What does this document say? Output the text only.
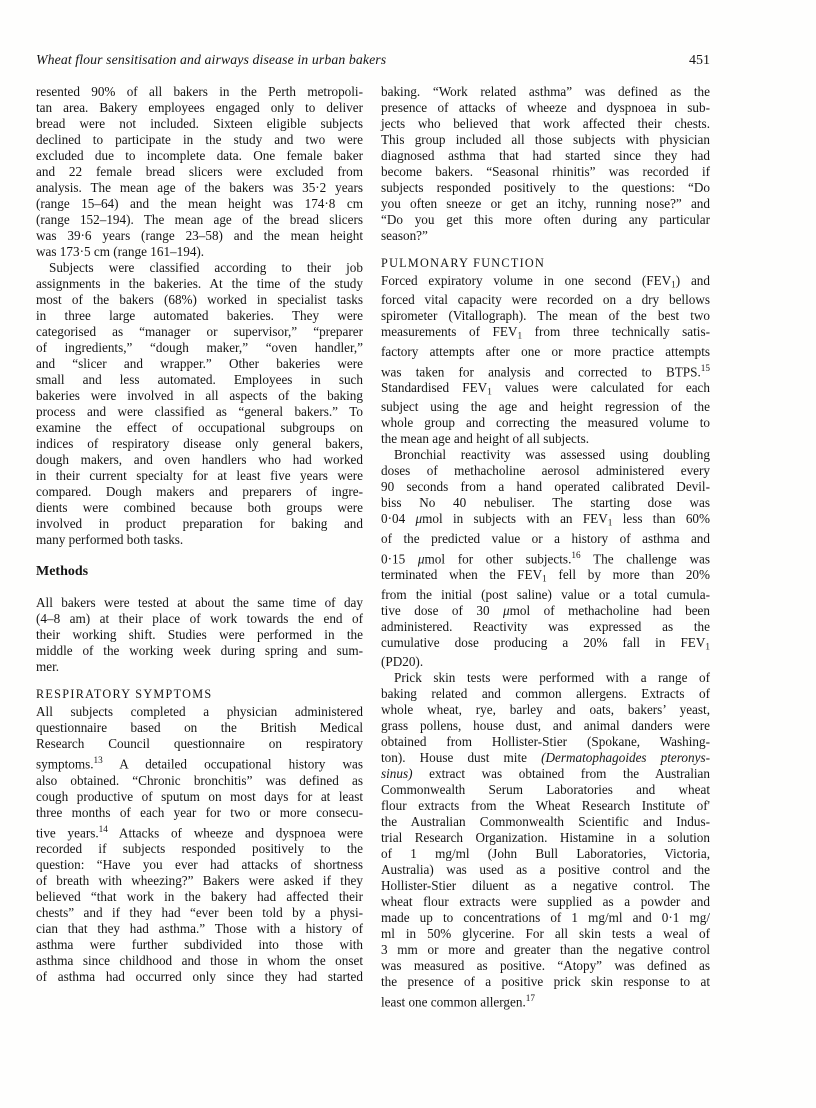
Wheat flour sensitisation and airways disease in urban bakers	451
resented 90% of all bakers in the Perth metropoli-
tan area. Bakery employees engaged only to deliver
bread were not included. Sixteen eligible subjects
declined to participate in the study and two were
excluded due to incomplete data. One female baker
and 22 female bread slicers were excluded from
analysis. The mean age of the bakers was 35·2 years
(range 15–64) and the mean height was 174·8 cm
(range 152–194). The mean age of the bread slicers
was 39·6 years (range 23–58) and the mean height
was 173·5 cm (range 161–194).
Subjects were classified according to their job
assignments in the bakeries. At the time of the study
most of the bakers (68%) worked in specialist tasks
in three large automated bakeries. They were
categorised as “manager or supervisor,” “preparer
of ingredients,” “dough maker,” “oven handler,”
and “slicer and wrapper.” Other bakeries were
small and less automated. Employees in such
bakeries were involved in all aspects of the baking
process and were classified as “general bakers.” To
examine the effect of occupational subgroups on
indices of respiratory disease only general bakers,
dough makers, and oven handlers who had worked
in their current specialty for at least five years were
compared. Dough makers and preparers of ingre-
dients were combined because both groups were
involved in product preparation for baking and
many performed both tasks.
Methods
All bakers were tested at about the same time of day
(4–8 am) at their place of work towards the end of
their working shift. Studies were performed in the
middle of the working week during spring and sum-
mer.
RESPIRATORY SYMPTOMS
All subjects completed a physician administered
questionnaire based on the British Medical
Research Council questionnaire on respiratory
symptoms.$^{13}$ A detailed occupational history was
also obtained. “Chronic bronchitis” was defined as
cough productive of sputum on most days for at least
three months of each year for two or more consecu-
tive years.$^{14}$ Attacks of wheeze and dyspnoea were
recorded if subjects responded positively to the
question: “Have you ever had attacks of shortness
of breath with wheezing?” Bakers were asked if they
believed “that work in the bakery had affected their
chests” and if they had “ever been told by a physi-
cian that they had asthma.” Those with a history of
asthma were further subdivided into those with
asthma since childhood and those in whom the onset
of asthma had occurred only since they had started
baking. “Work related asthma” was defined as the
presence of attacks of wheeze and dyspnoea in sub-
jects who believed that work affected their chests.
This group included all those subjects with physician
diagnosed asthma that had started since they had
become bakers. “Seasonal rhinitis” was recorded if
subjects responded positively to the questions: “Do
you often sneeze or get an itchy, running nose?” and
“Do you get this more often during any particular
season?”
PULMONARY FUNCTION
Forced expiratory volume in one second $(FEV_1)$ and
forced vital capacity were recorded on a dry bellows
spirometer (Vitallograph). The mean of the best two
measurements of $FEV_1$ from three technically satis-
factory attempts after one or more practice attempts
was taken for analysis and corrected to BTPS.$^{15}$
Standardised $FEV_1$ values were calculated for each
subject using the age and height regression of the
whole group and correcting the measured volume to
the mean age and height of all subjects.
Bronchial reactivity was assessed using doubling
doses of methacholine aerosol administered every
90 seconds from a hand operated calibrated Devil-
biss No 40 nebuliser. The starting dose was
0·04 μmol in subjects with an $FEV_1$ less than 60%
of the predicted value or a history of asthma and
0·15 μmol for other subjects.$^{16}$ The challenge was
terminated when the $FEV_1$ fell by more than 20%
from the initial (post saline) value or a total cumula-
tive dose of 30 μmol of methacholine had been
administered. Reactivity was expressed as the
cumulative dose producing a 20% fall in $FEV_1$
(PD20).
Prick skin tests were performed with a range of
baking related and common allergens. Extracts of
whole wheat, rye, barley and oats, bakers’ yeast,
grass pollens, house dust, and animal danders were
obtained from Hollister-Stier (Spokane, Washing-
ton). House dust mite (Dermatophagoides pteronys-
sinus) extract was obtained from the Australian
Commonwealth Serum Laboratories and wheat
flour extracts from the Wheat Research Institute of'
the Australian Commonwealth Scientific and Indus-
trial Research Organization. Histamine in a solution
of 1 mg/ml (John Bull Laboratories, Victoria,
Australia) was used as a positive control and the
Hollister-Stier diluent as a negative control. The
wheat flour extracts were supplied as a powder and
made up to concentrations of 1 mg/ml and 0·1 mg/
ml in 50% glycerine. For all skin tests a weal of
3 mm or more and greater than the negative control
was measured as positive. “Atopy” was defined as
the presence of a positive prick skin response to at
least one common allergen.$^{17}$
